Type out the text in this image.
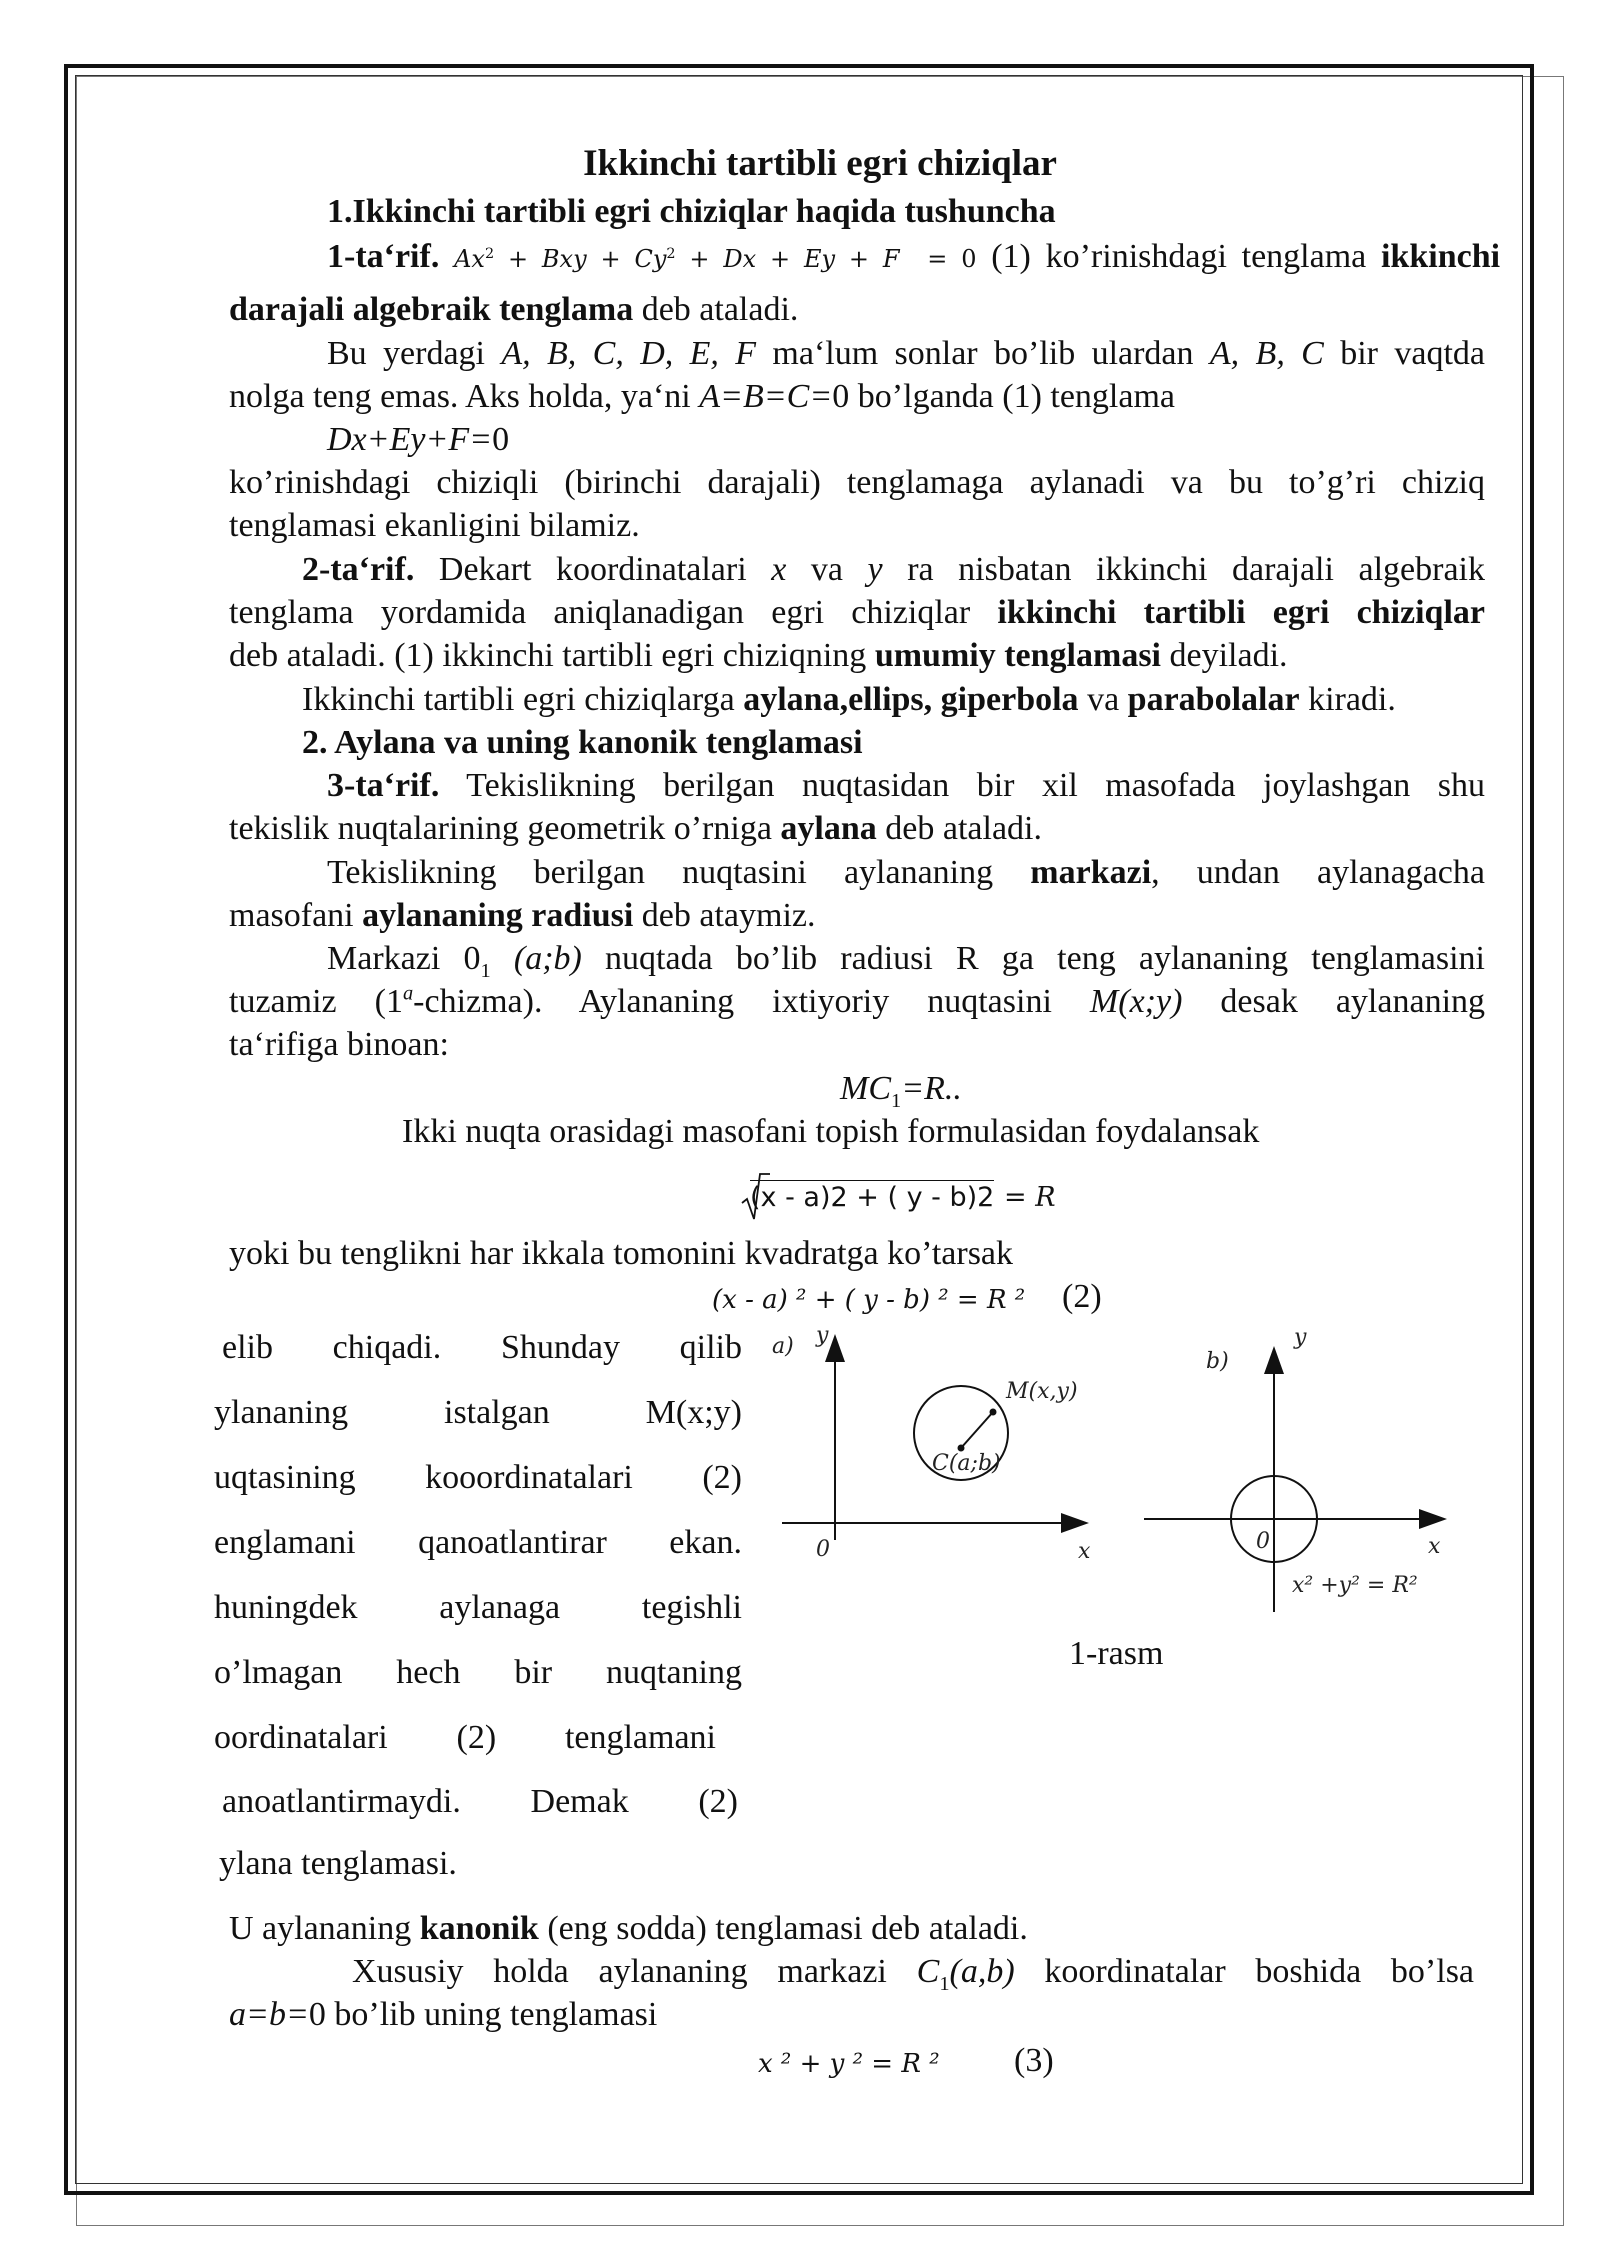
Ikkinchi tartibli egri chiziqlar
1.Ikkinchi tartibli egri chiziqlar haqida tushuncha
1-ta‘rif. $Ax^2$ + Bxy + $Cy^2 + Dx + Ey + F = 0$ (1) ko’rinishdagi tenglama ikkinchi
darajali algebraik tenglama deb ataladi.
Bu yerdagi A, B, C, D, E, F ma‘lum sonlar bo’lib ulardan A, B, C bir vaqtda
nolga teng emas. Aks holda, ya‘ni A=B=C=0 bo’lganda (1) tenglama
Dx+Ey+F=0
ko’rinishdagi chiziqli (birinchi darajali) tenglamaga aylanadi va bu to’g’ri chiziq
tenglamasi ekanligini bilamiz.
2-ta‘rif. Dekart koordinatalari x va y ra nisbatan ikkinchi darajali algebraik
tenglama yordamida aniqlanadigan egri chiziqlar ikkinchi tartibli egri chiziqlar
deb ataladi. (1) ikkinchi tartibli egri chiziqning umumiy tenglamasi deyiladi.
Ikkinchi tartibli egri chiziqlarga aylana,ellips, giperbola va parabolalar kiradi.
2. Aylana va uning kanonik tenglamasi
3-ta‘rif. Tekislikning berilgan nuqtasidan bir xil masofada joylashgan shu
tekislik nuqtalarining geometrik o’rniga aylana deb ataladi.
Tekislikning berilgan nuqtasini aylananing markazi, undan aylanagacha
masofani aylananing radiusi deb ataymiz.
Markazi $0_1$ (a;b) nuqtada bo’lib radiusi R ga teng aylananing tenglamasini
tuzamiz (1$^a$-chizma). Aylananing ixtiyoriy nuqtasini M(x;y) desak aylananing
ta‘rifiga binoan:
$MC_1=R$..
Ikki nuqta orasidagi masofani topish formulasidan foydalansak
(x - a)2 + ( y - b)2 = R
yoki bu tenglikni har ikkala tomonini kvadratga ko’tarsak
(x - a) ² + ( y - b) ² = R ² (2)
elib chiqadi. Shunday qilib
ylananing istalgan M(x;y)
uqtasining kooordinatalari (2)
englamani qanoatlantirar ekan.
huningdek aylanaga tegishli
o’lmagan hech bir nuqtaning
oordinatalari (2) tenglamani
anoatlantirmaydi. Demak (2)
ylana tenglamasi.
a) y
x
0
M(x,y)
C(a;b)
b)
y
x
0
x² +y² = R²
1-rasm
U aylananing kanonik (eng sodda) tenglamasi deb ataladi.
Xususiy holda aylananing markazi $C_1(a,b)$ koordinatalar boshida bo’lsa
a=b=0 bo’lib uning tenglamasi
x ² + y ² = R ² (3)
